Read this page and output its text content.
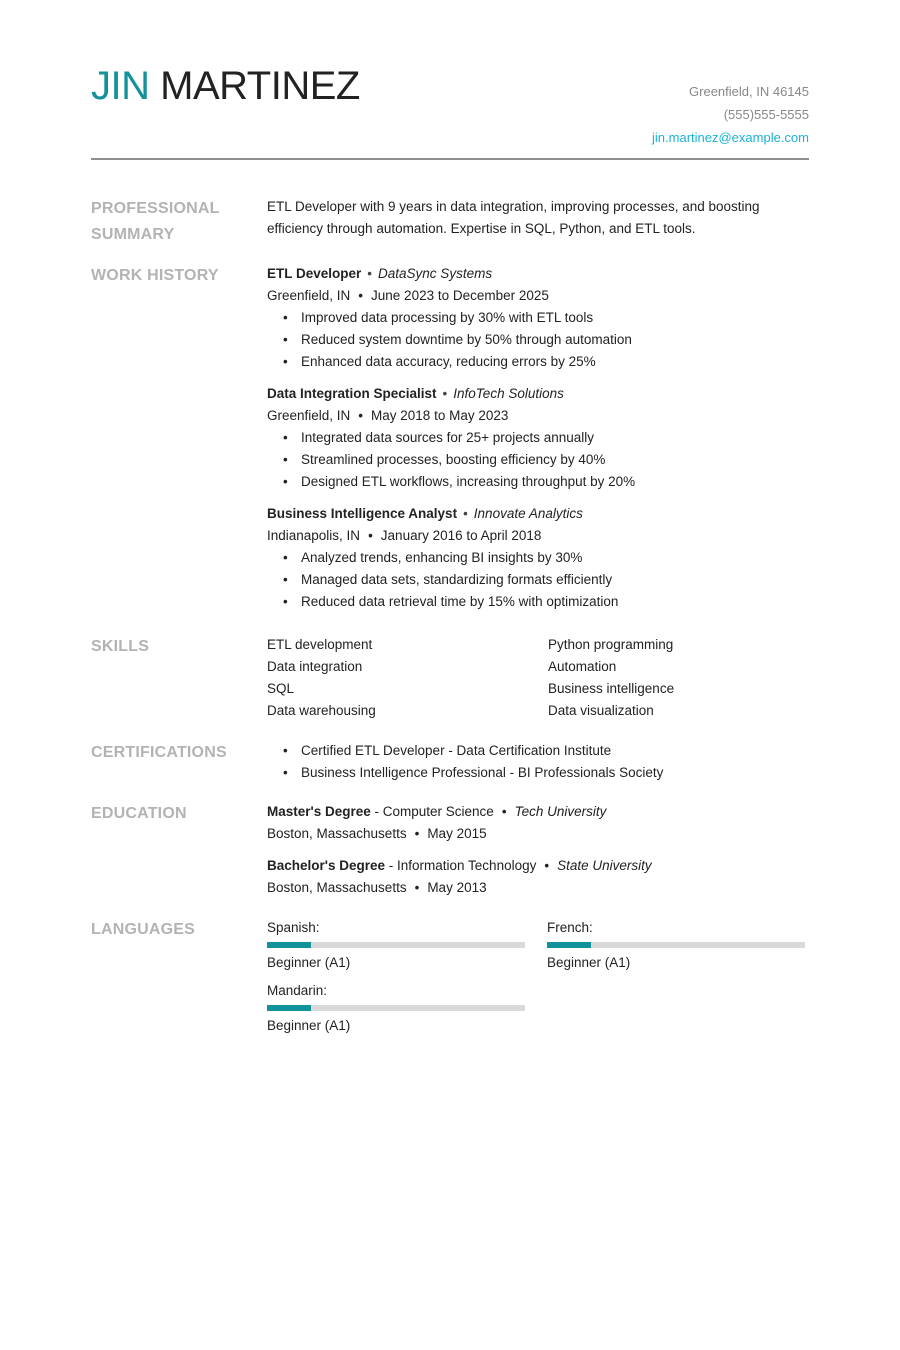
JIN MARTINEZ	Greenfield, IN 46145
(555)555-5555
jin.martinez@example.com
PROFESSIONAL SUMMARY
ETL Developer with 9 years in data integration, improving processes, and boosting efficiency through automation. Expertise in SQL, Python, and ETL tools.
WORK HISTORY	ETL Developer • DataSync Systems
Greenfield, IN • June 2023 to December 2025
• Improved data processing by 30% with ETL tools
• Reduced system downtime by 50% through automation
• Enhanced data accuracy, reducing errors by 25%
Data Integration Specialist • InfoTech Solutions
Greenfield, IN • May 2018 to May 2023
• Integrated data sources for 25+ projects annually
• Streamlined processes, boosting efficiency by 40%
• Designed ETL workflows, increasing throughput by 20%
Business Intelligence Analyst • Innovate Analytics
Indianapolis, IN • January 2016 to April 2018
• Analyzed trends, enhancing BI insights by 30%
• Managed data sets, standardizing formats efficiently
• Reduced data retrieval time by 15% with optimization
SKILLS	ETL development	Python programming
Data integration	Automation
SQL	Business intelligence
Data warehousing	Data visualization
CERTIFICATIONS
•	Certified ETL Developer - Data Certification Institute
• Business Intelligence Professional - BI Professionals Society
EDUCATION	Master's Degree - Computer Science • Tech University
Boston, Massachusetts • May 2015
Bachelor's Degree - Information Technology • State University
Boston, Massachusetts • May 2013
LANGUAGES	Spanish:
Beginner (A1)
French:
Beginner (A1)
Mandarin:
Beginner (A1)
